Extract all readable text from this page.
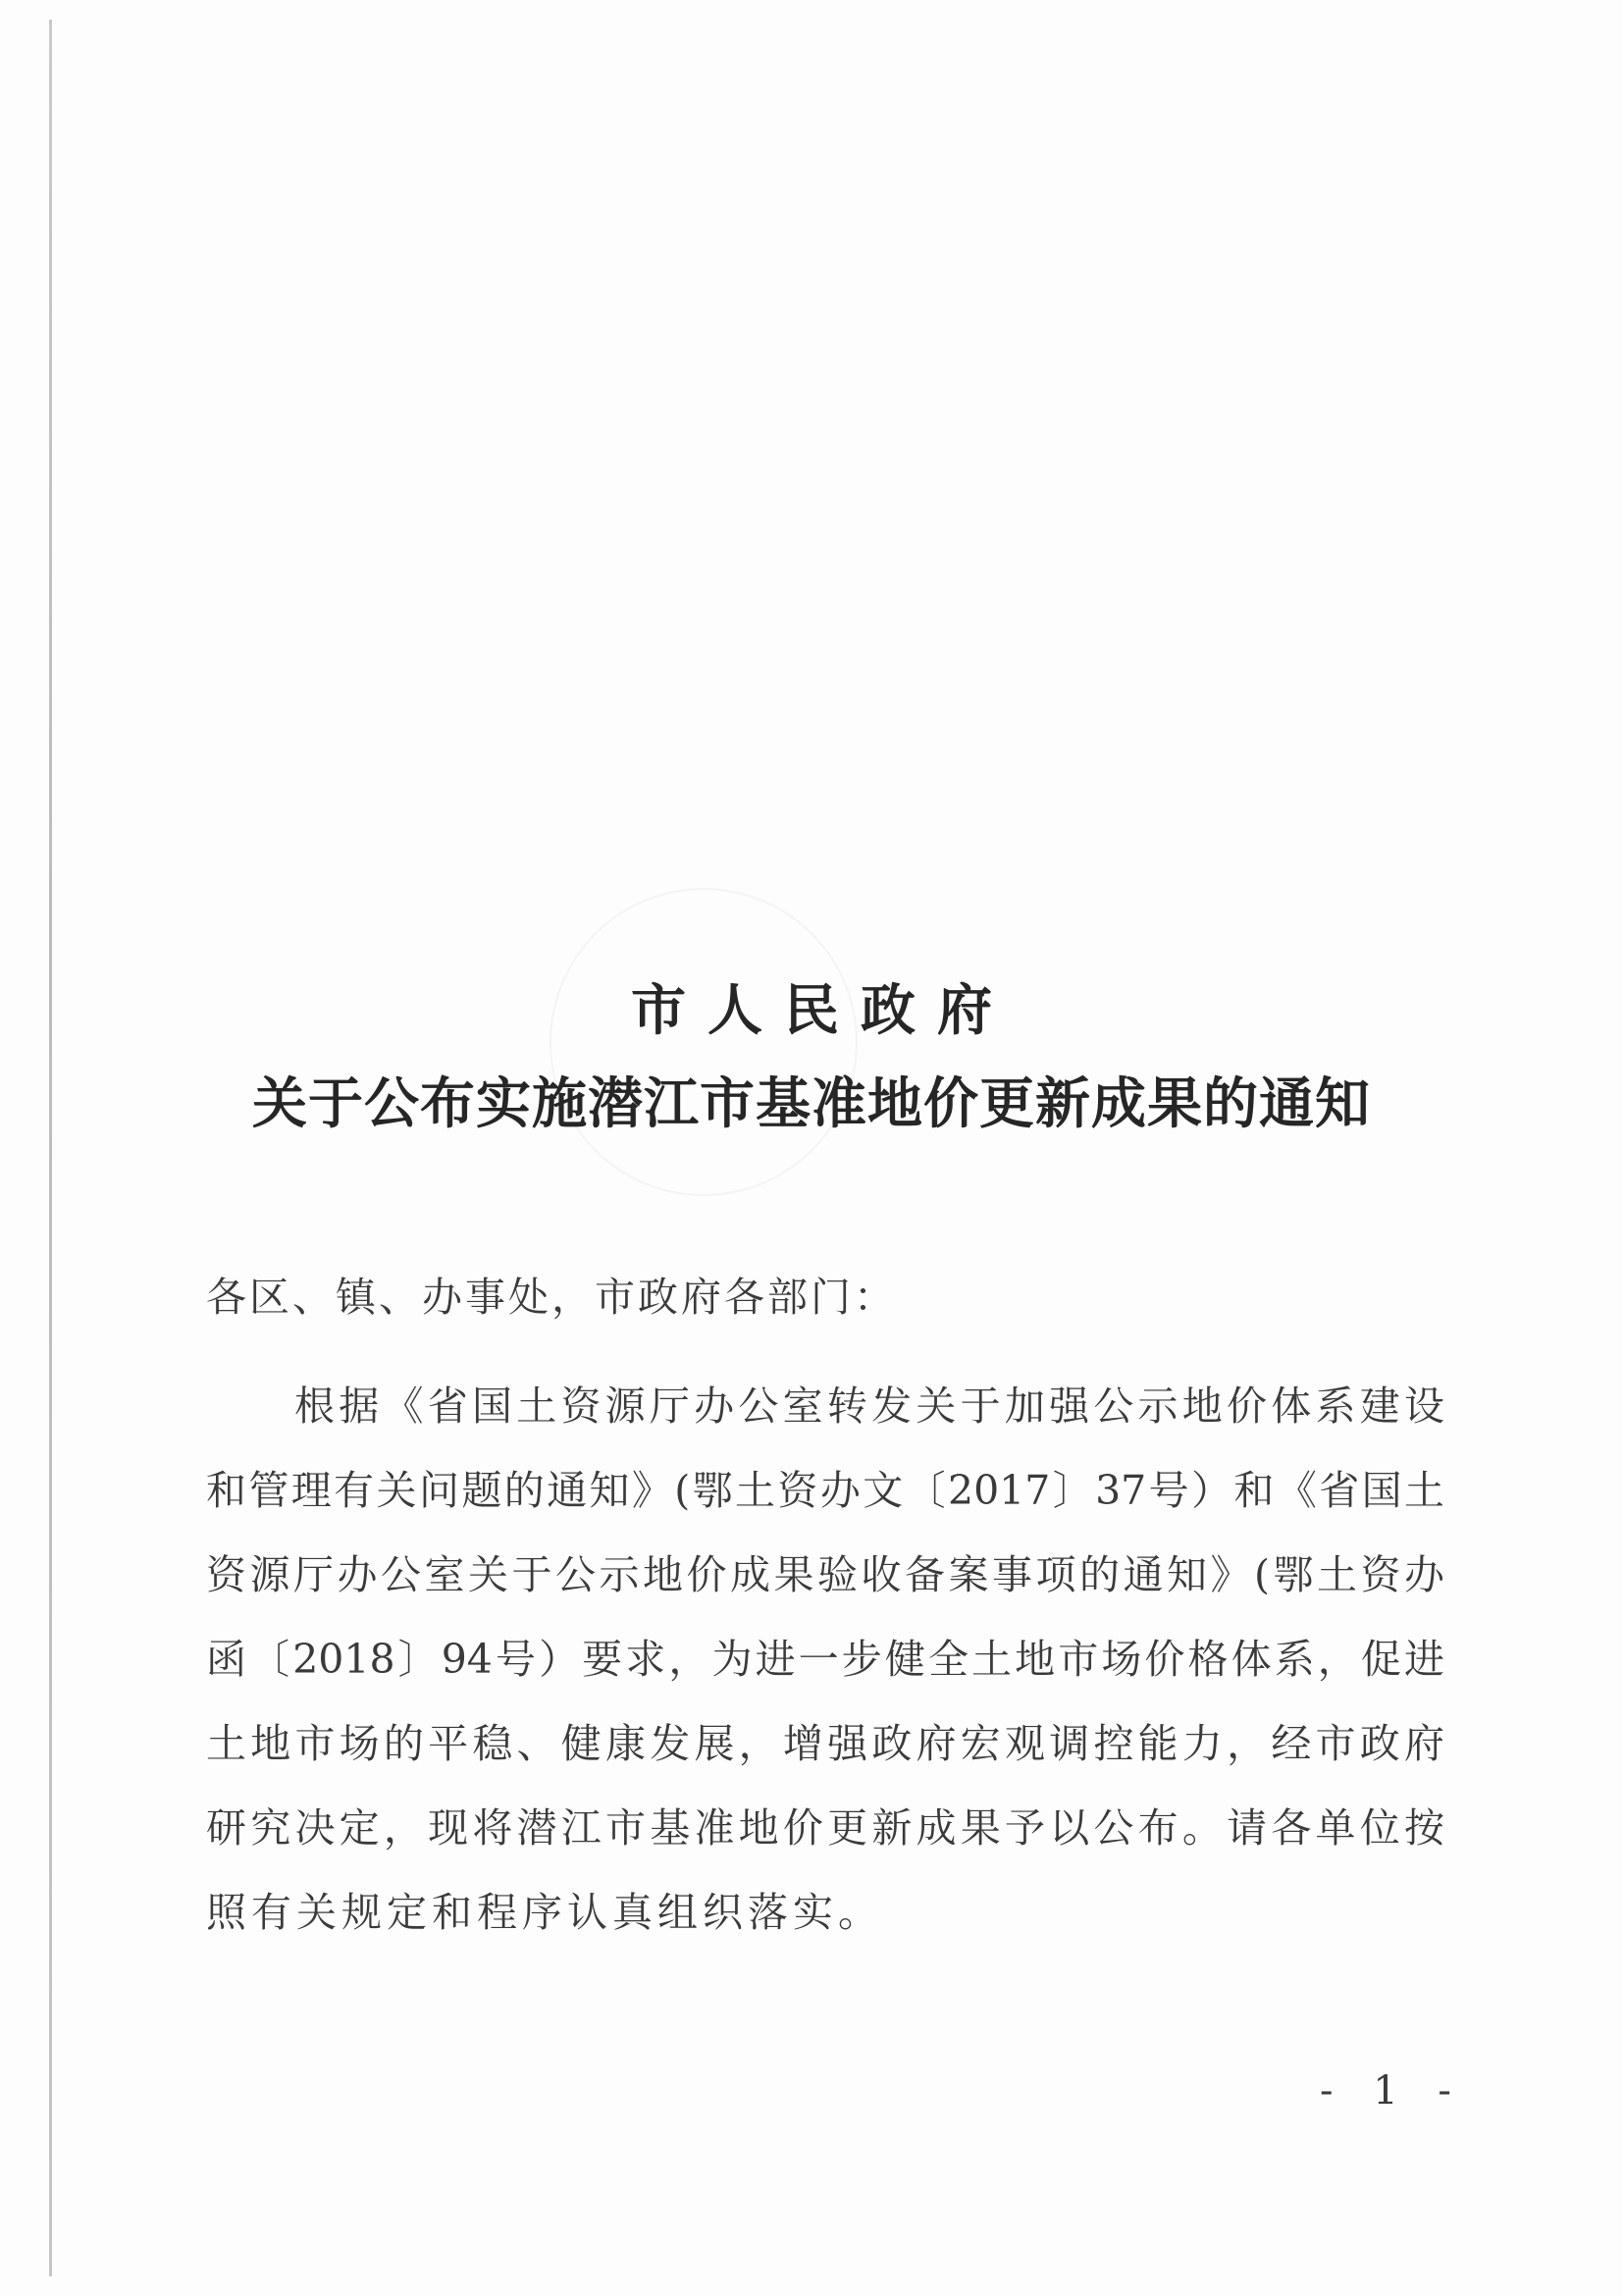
市人民政府
关于公布实施潜江市基准地价更新成果的通知
各区、镇、办事处，市政府各部门：
根据《省国土资源厅办公室转发关于加强公示地价体系建设
和管理有关问题的通知》(鄂土资办文〔2017〕37号）和《省国土
资源厅办公室关于公示地价成果验收备案事项的通知》(鄂土资办
函〔2018〕94号）要求，为进一步健全土地市场价格体系，促进
土地市场的平稳、健康发展，增强政府宏观调控能力，经市政府
研究决定，现将潜江市基准地价更新成果予以公布。请各单位按
照有关规定和程序认真组织落实。
- 1 -
